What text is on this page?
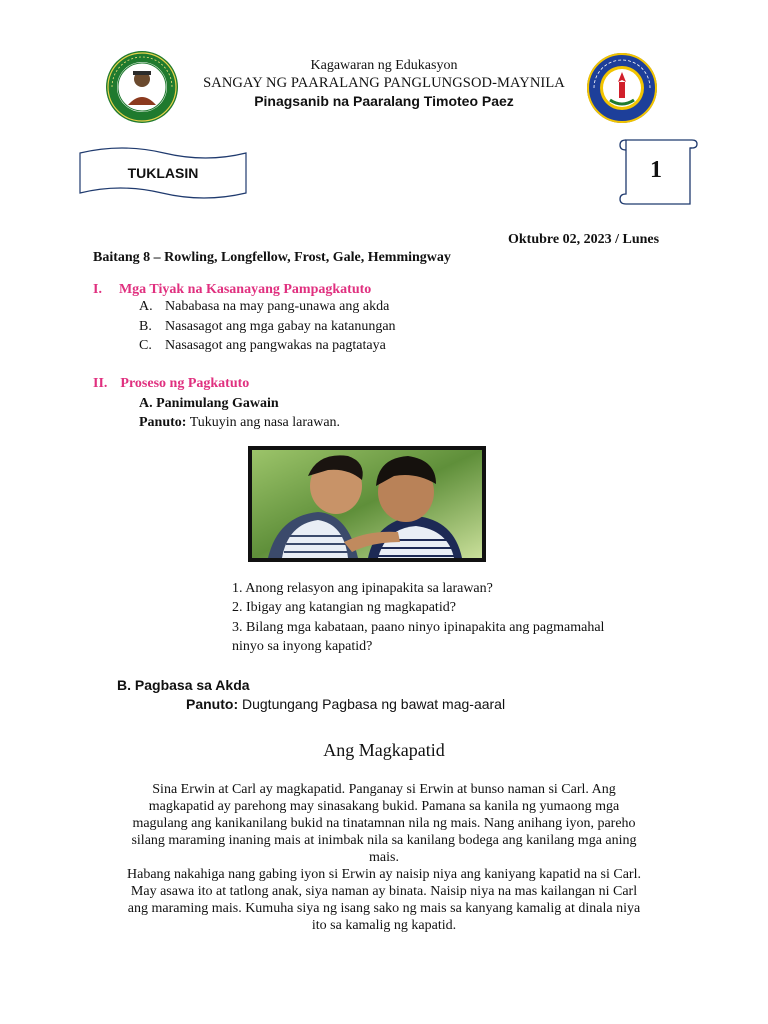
Kagawaran ng Edukasyon
SANGAY NG PAARALANG PANGLUNGSOD-MAYNILA
Pinagsanib na Paaralang Timoteo Paez
TUKLASIN	1
Oktubre 02, 2023 / Lunes
Baitang 8 – Rowling, Longfellow, Frost, Gale, Hemmingway
I. Mga Tiyak na Kasanayang Pampagkatuto
A. Nababasa na may pang-unawa ang akda
B. Nasasagot ang mga gabay na katanungan
C. Nasasagot ang pangwakas na pagtataya
II. Proseso ng Pagkatuto
A. Panimulang Gawain
Panuto: Tukuyin ang nasa larawan.
1. Anong relasyon ang ipinapakita sa larawan?
2. Ibigay ang katangian ng magkapatid?
3. Bilang mga kabataan, paano ninyo ipinapakita ang pagmamahal
ninyo sa inyong kapatid?
B. Pagbasa sa Akda
Panuto: Dugtungang Pagbasa ng bawat mag-aaral
Ang Magkapatid
Sina Erwin at Carl ay magkapatid. Panganay si Erwin at bunso naman si Carl. Ang
magkapatid ay parehong may sinasakang bukid. Pamana sa kanila ng yumaong mga
magulang ang kanikanilang bukid na tinatamnan nila ng mais. Nang anihang iyon, pareho
silang maraming inaning mais at inimbak nila sa kanilang bodega ang kanilang mga aning
mais.
Habang nakahiga nang gabing iyon si Erwin ay naisip niya ang kaniyang kapatid na si Carl.
May asawa ito at tatlong anak, siya naman ay binata. Naisip niya na mas kailangan ni Carl
ang maraming mais. Kumuha siya ng isang sako ng mais sa kanyang kamalig at dinala niya
ito sa kamalig ng kapatid.
